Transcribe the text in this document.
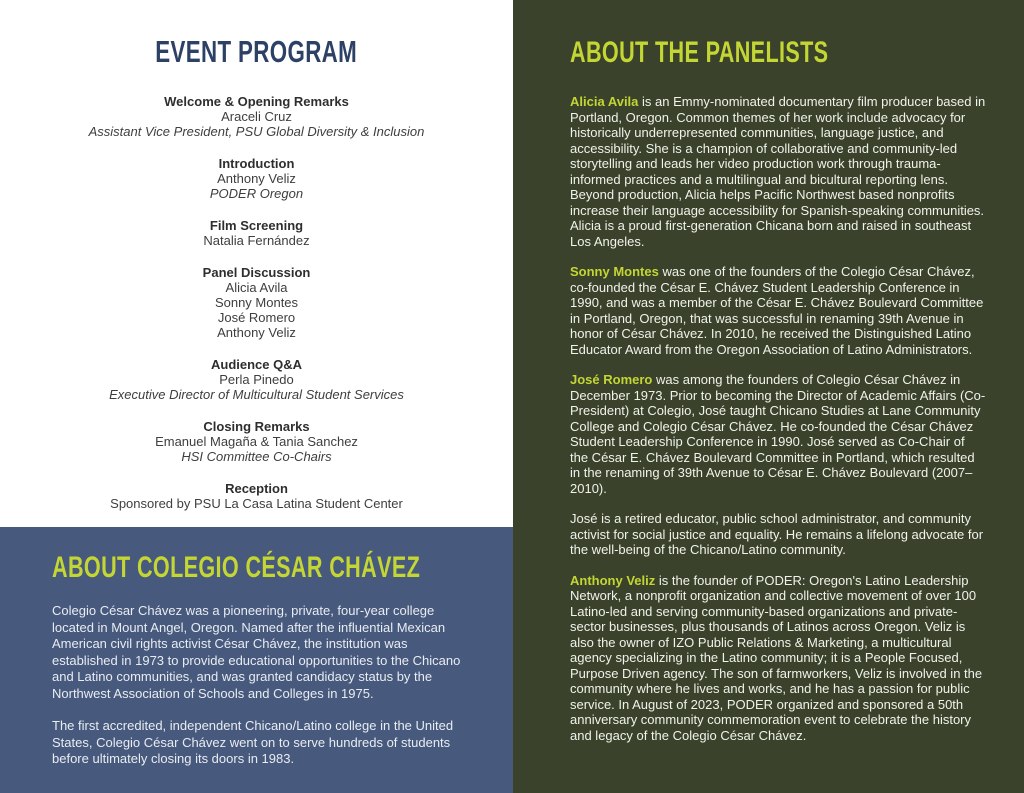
EVENT PROGRAM
Welcome & Opening Remarks
Araceli Cruz
Assistant Vice President, PSU Global Diversity & Inclusion
Introduction
Anthony Veliz
PODER Oregon
Film Screening
Natalia Fernández
Panel Discussion
Alicia Avila
Sonny Montes
José Romero
Anthony Veliz
Audience Q&A
Perla Pinedo
Executive Director of Multicultural Student Services
Closing Remarks
Emanuel Magaña & Tania Sanchez
HSI Committee Co-Chairs
Reception
Sponsored by PSU La Casa Latina Student Center
ABOUT COLEGIO CÉSAR CHÁVEZ

Colegio César Chávez was a pioneering, private, four-year college located in Mount Angel, Oregon. Named after the influential Mexican American civil rights activist César Chávez, the institution was established in 1973 to provide educational opportunities to the Chicano and Latino communities, and was granted candidacy status by the Northwest Association of Schools and Colleges in 1975.

The first accredited, independent Chicano/Latino college in the United States, Colegio César Chávez went on to serve hundreds of students before ultimately closing its doors in 1983.

ABOUT THE PANELISTS

Alicia Avila is an Emmy-nominated documentary film producer based in Portland, Oregon. Common themes of her work include advocacy for historically underrepresented communities, language justice, and accessibility. She is a champion of collaborative and community-led storytelling and leads her video production work through trauma-informed practices and a multilingual and bicultural reporting lens. Beyond production, Alicia helps Pacific Northwest based nonprofits increase their language accessibility for Spanish-speaking communities. Alicia is a proud first-generation Chicana born and raised in southeast Los Angeles.

Sonny Montes was one of the founders of the Colegio César Chávez, co-founded the César E. Chávez Student Leadership Conference in 1990, and was a member of the César E. Chávez Boulevard Committee in Portland, Oregon, that was successful in renaming 39th Avenue in honor of César Chávez. In 2010, he received the Distinguished Latino Educator Award from the Oregon Association of Latino Administrators.

José Romero was among the founders of Colegio César Chávez in December 1973. Prior to becoming the Director of Academic Affairs (Co-President) at Colegio, José taught Chicano Studies at Lane Community College and Colegio César Chávez. He co-founded the César Chávez Student Leadership Conference in 1990. José served as Co-Chair of the César E. Chávez Boulevard Committee in Portland, which resulted in the renaming of 39th Avenue to César E. Chávez Boulevard (2007–2010).

José is a retired educator, public school administrator, and community activist for social justice and equality. He remains a lifelong advocate for the well-being of the Chicano/Latino community.

Anthony Veliz is the founder of PODER: Oregon's Latino Leadership Network, a nonprofit organization and collective movement of over 100 Latino-led and serving community-based organizations and private-sector businesses, plus thousands of Latinos across Oregon. Veliz is also the owner of IZO Public Relations & Marketing, a multicultural agency specializing in the Latino community; it is a People Focused, Purpose Driven agency. The son of farmworkers, Veliz is involved in the community where he lives and works, and he has a passion for public service. In August of 2023, PODER organized and sponsored a 50th anniversary community commemoration event to celebrate the history and legacy of the Colegio César Chávez.
